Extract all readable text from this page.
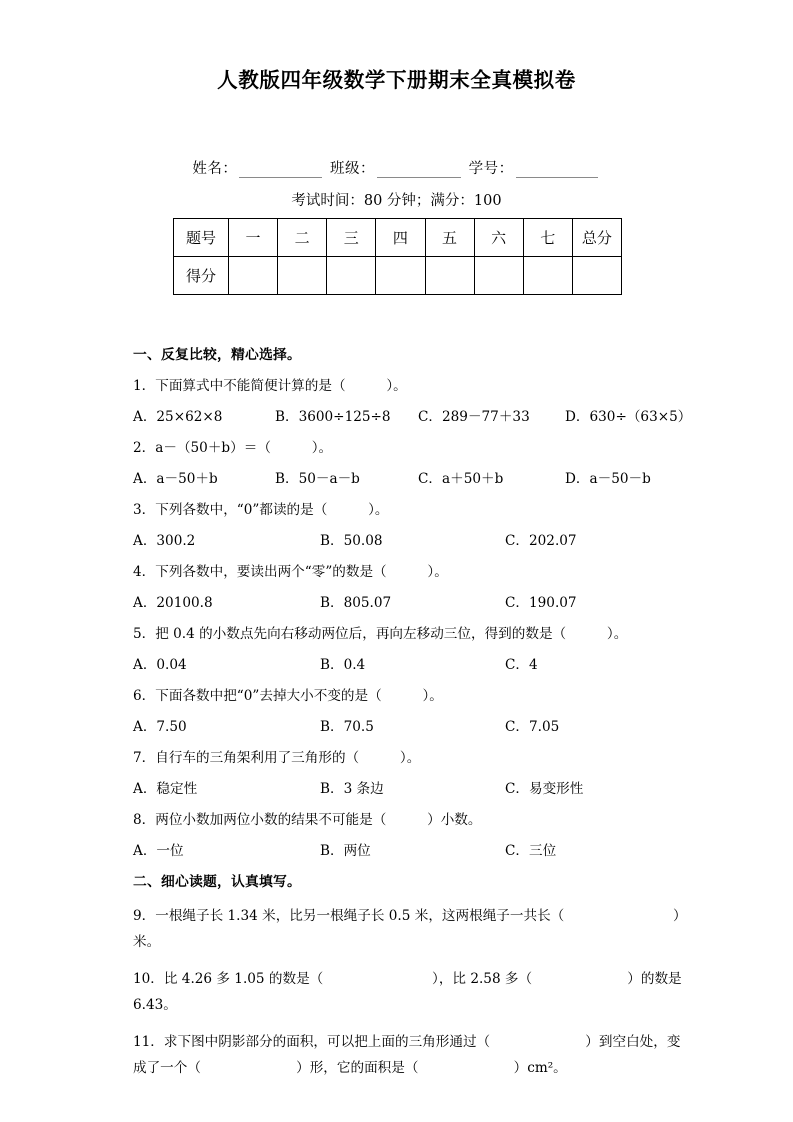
人教版四年级数学下册期末全真模拟卷
姓名：	班级：	学号：
考试时间：80 分钟；满分：100
题号	一	二	三	四	五	六	七	总分
得分								
一、反复比较，精心选择。
1．下面算式中不能简便计算的是（　　　）。
A．25×62×8	B．3600÷125÷8 C．289－77＋33	D．630÷（63×5）
2．a－（50＋b）＝（　　　）。
A．a－50＋b	B．50－a－b	C．a＋50＋b	D．a－50－b
3．下列各数中，“0”都读的是（　　　）。
A．300.2	B．50.08	C．202.07
4．下列各数中，要读出两个“零”的数是（　　　）。
A．20100.8	B．805.07	C．190.07
5．把 0.4 的小数点先向右移动两位后，再向左移动三位，得到的数是（　　　）。
A．0.04	B．0.4	C．4
6．下面各数中把“0”去掉大小不变的是（　　　）。
A．7.50	B．70.5	C．7.05
7．自行车的三角架利用了三角形的（　　　）。
A．稳定性	B．3 条边	C．易变形性
8．两位小数加两位小数的结果不可能是（　　　）小数。
A．一位	B．两位	C．三位
二、细心读题，认真填写。
9．一根绳子长 1.34 米，比另一根绳子长 0.5 米，这两根绳子一共长（　　　　　　　　）米。
10．比 4.26 多 1.05 的数是（　　　　　　　　），比 2.58 多（　　　　　　　）的数是 6.43。
11．求下图中阴影部分的面积，可以把上面的三角形通过（　　　　　　　）到空白处，变成了一个（　　　　　　　）形，它的面积是（　　　　　　　）cm²。
